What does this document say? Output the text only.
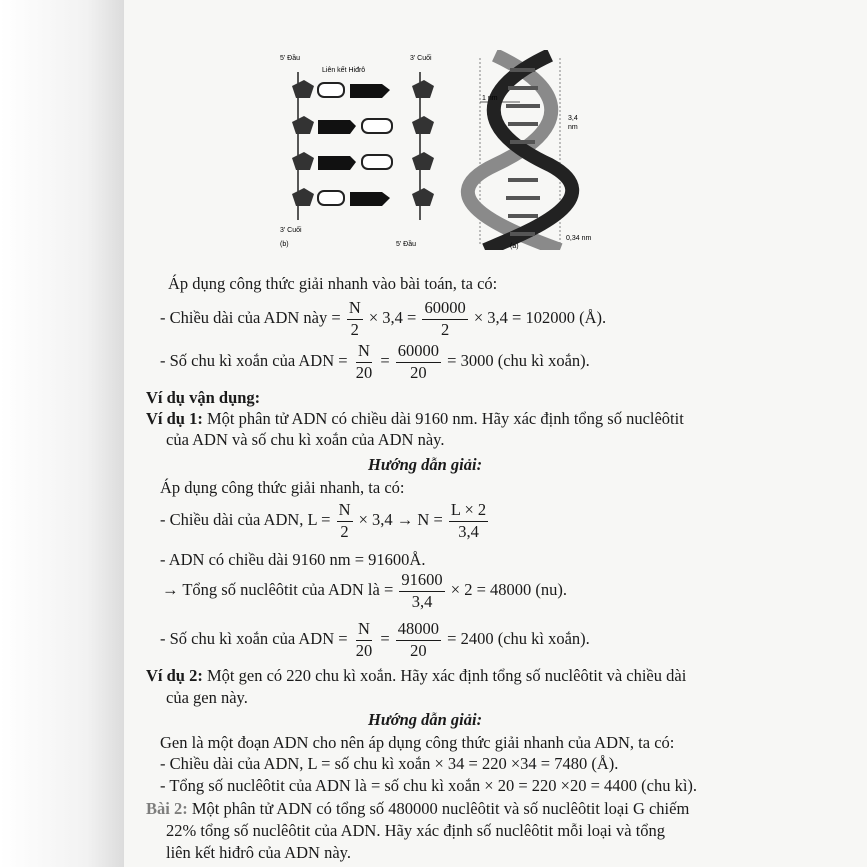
5' Đầu	3' Cuối
Liên kết Hiđrô
3' Cuối
5' Đầu
(b)
1 nm
3,4
nm
0,34 nm
(a)
Áp dụng công thức giải nhanh vào bài toán, ta có:
- Chiều dài của ADN này = $\frac{N}{2} \times 3,4 = \frac{60000}{2} \times 3,4 = 102000$ (Å).
- Số chu kì xoắn của ADN = $\frac{N}{20} = \frac{60000}{20} = 3000$ (chu kì xoắn).
Ví dụ vận dụng:
Ví dụ 1: Một phân tử ADN có chiều dài 9160 nm. Hãy xác định tổng số nuclêôtit
của ADN và số chu kì xoắn của ADN này.
Hướng dẫn giải:
Áp dụng công thức giải nhanh, ta có:
- Chiều dài của ADN, $L = \frac{N}{2} \times 3,4 \to N = \frac{L \times 2}{3,4}$
- ADN có chiều dài 9160 nm = 91600Å.
→ Tổng số nuclêôtit của ADN là = $\frac{91600}{3,4} \times 2 = 48000$ (nu).
- Số chu kì xoắn của ADN = $\frac{N}{20} = \frac{48000}{20} = 2400$ (chu kì xoắn).
Ví dụ 2: Một gen có 220 chu kì xoắn. Hãy xác định tổng số nuclêôtit và chiều dài
của gen này.
Hướng dẫn giải:
Gen là một đoạn ADN cho nên áp dụng công thức giải nhanh của ADN, ta có:
- Chiều dài của ADN, L = số chu kì xoắn × 34 = 220 ×34 = 7480 (Å).
- Tổng số nuclêôtit của ADN là = số chu kì xoắn × 20 = 220 ×20 = 4400 (chu kì).
Bài 2: Một phân tử ADN có tổng số 480000 nuclêôtit và số nuclêôtit loại G chiếm
22% tổng số nuclêôtit của ADN. Hãy xác định số nuclêôtit mỗi loại và tổng
liên kết hiđrô của ADN này.
